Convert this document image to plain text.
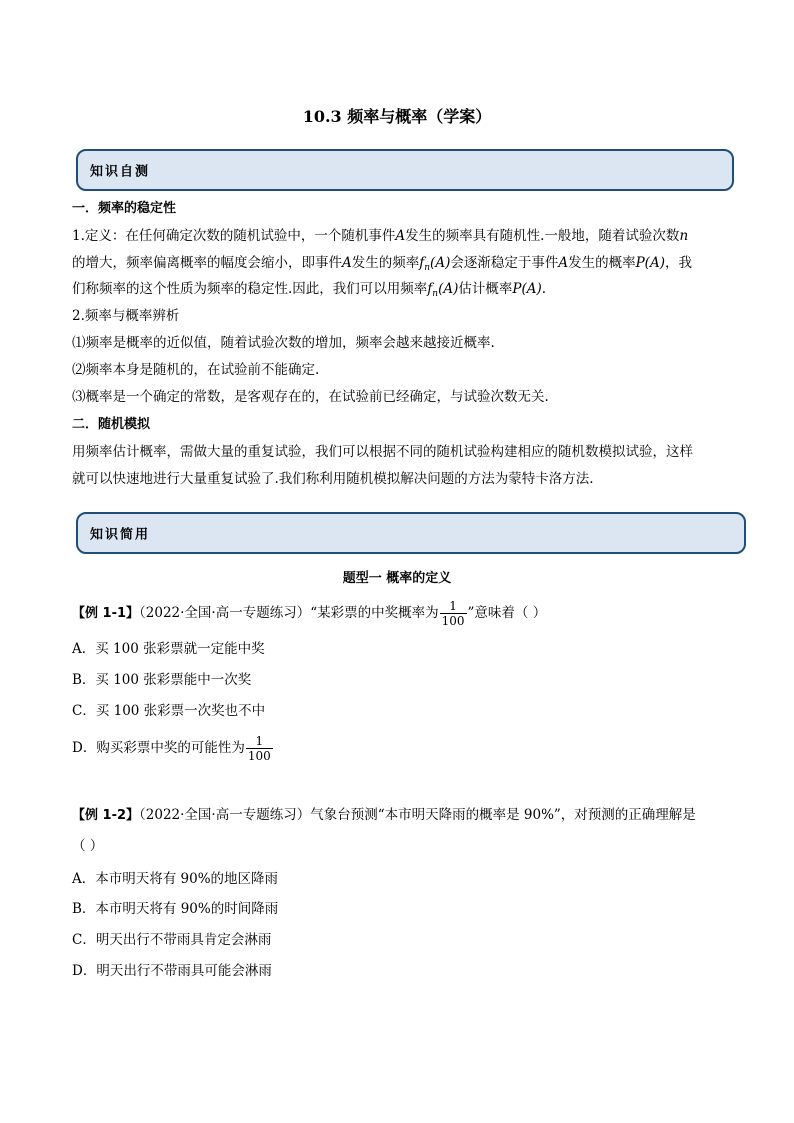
10.3 频率与概率（学案）
知识自测
一．频率的稳定性
1.定义：在任何确定次数的随机试验中，一个随机事件A发生的频率具有随机性.一般地，随着试验次数n
的增大，频率偏离概率的幅度会缩小，即事件A发生的频率$f_n(A)$会逐渐稳定于事件A发生的概率P(A)，我
们称频率的这个性质为频率的稳定性.因此，我们可以用频率$f_n(A)$估计概率P(A).
2.频率与概率辨析
⑴频率是概率的近似值，随着试验次数的增加，频率会越来越接近概率.
⑵频率本身是随机的，在试验前不能确定.
⑶概率是一个确定的常数，是客观存在的，在试验前已经确定，与试验次数无关.
二．随机模拟
用频率估计概率，需做大量的重复试验，我们可以根据不同的随机试验构建相应的随机数模拟试验，这样
就可以快速地进行大量重复试验了.我们称利用随机模拟解决问题的方法为蒙特卡洛方法.
知识简用
题型一 概率的定义
【例 1-1】（2022·全国·高一专题练习）“某彩票的中奖概率为 $\frac{1}{100}$ ”意味着（ ）
A．买 100 张彩票就一定能中奖
B．买 100 张彩票能中一次奖
C．买 100 张彩票一次奖也不中
D．购买彩票中奖的可能性为 $\frac{1}{100}$
【例 1-2】（2022·全国·高一专题练习）气象台预测“本市明天降雨的概率是 90%”，对预测的正确理解是
（ ）
A．本市明天将有 90%的地区降雨
B．本市明天将有 90%的时间降雨
C．明天出行不带雨具肯定会淋雨
D．明天出行不带雨具可能会淋雨
